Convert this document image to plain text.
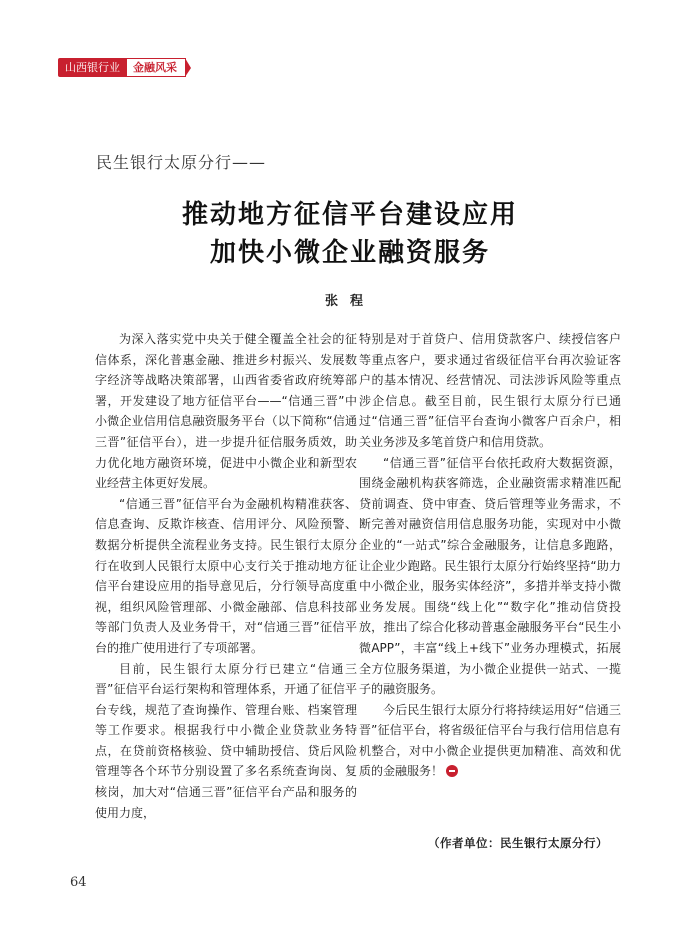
山西银行业	金融风采
民生银行太原分行——
推动地方征信平台建设应用
加快小微企业融资服务
张程

为深入落实党中央关于健全覆盖全社会的征信体系，深化普惠金融、推进乡村振兴、发展数字经济等战略决策部署，山西省委省政府统筹部署，开发建设了地方征信平台——“信通三晋”中小微企业信用信息融资服务平台（以下简称“信通三晋”征信平台），进一步提升征信服务质效，助力优化地方融资环境，促进中小微企业和新型农业经营主体更好发展。

“信通三晋”征信平台为金融机构精准获客、信息查询、反欺诈核查、信用评分、风险预警、数据分析提供全流程业务支持。民生银行太原分行在收到人民银行太原中心支行关于推动地方征信平台建设应用的指导意见后，分行领导高度重视，组织风险管理部、小微金融部、信息科技部等部门负责人及业务骨干，对“信通三晋”征信平台的推广使用进行了专项部署。

目前，民生银行太原分行已建立“信通三晋”征信平台运行架构和管理体系，开通了征信平台专线，规范了查询操作、管理台账、档案管理等工作要求。根据我行中小微企业贷款业务特点，在贷前资格核验、贷中辅助授信、贷后风险管理等各个环节分别设置了多名系统查询岗、复核岗，加大对“信通三晋”征信平台产品和服务的使用力度，

特别是对于首贷户、信用贷款客户、续授信客户等重点客户，要求通过省级征信平台再次验证客户的基本情况、经营情况、司法涉诉风险等重点涉企信息。截至目前，民生银行太原分行已通过“信通三晋”征信平台查询小微客户百余户，相关业务涉及多笔首贷户和信用贷款。

“信通三晋”征信平台依托政府大数据资源，围绕金融机构获客筛选，企业融资需求精准匹配贷前调查、贷中审查、贷后管理等业务需求，不断完善对融资信用信息服务功能，实现对中小微企业的“一站式”综合金融服务，让信息多跑路，让企业少跑路。民生银行太原分行始终坚持“助力中小微企业，服务实体经济”，多措并举支持小微业务发展。围绕“线上化”“数字化”推动信贷投放，推出了综合化移动普惠金融服务平台“民生小微APP”，丰富“线上+线下”业务办理模式，拓展全方位服务渠道，为小微企业提供一站式、一揽子的融资服务。

今后民生银行太原分行将持续运用好“信通三晋”征信平台，将省级征信平台与我行信用信息有机整合，对中小微企业提供更加精准、高效和优质的金融服务！

（作者单位：民生银行太原分行）
64
